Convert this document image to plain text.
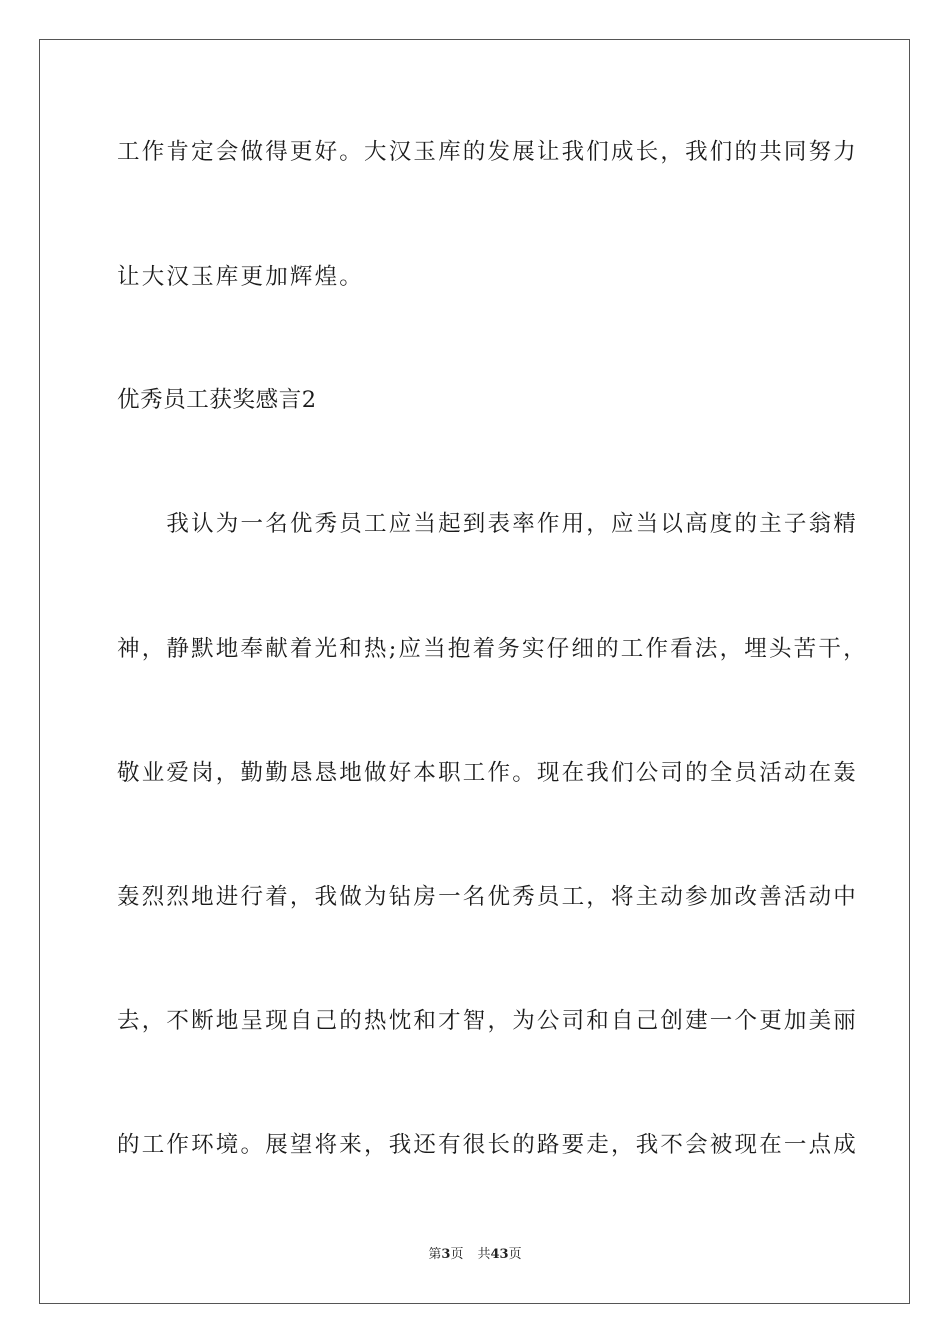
工作肯定会做得更好。大汉玉库的发展让我们成长，我们的共同努力
让大汉玉库更加辉煌。
优秀员工获奖感言2
　　我认为一名优秀员工应当起到表率作用，应当以高度的主子翁精
神，静默地奉献着光和热;应当抱着务实仔细的工作看法，埋头苦干，
敬业爱岗，勤勤恳恳地做好本职工作。现在我们公司的全员活动在轰
轰烈烈地进行着，我做为钻房一名优秀员工，将主动参加改善活动中
去，不断地呈现自己的热忱和才智，为公司和自己创建一个更加美丽
的工作环境。展望将来，我还有很长的路要走，我不会被现在一点成
第3页 共43页
